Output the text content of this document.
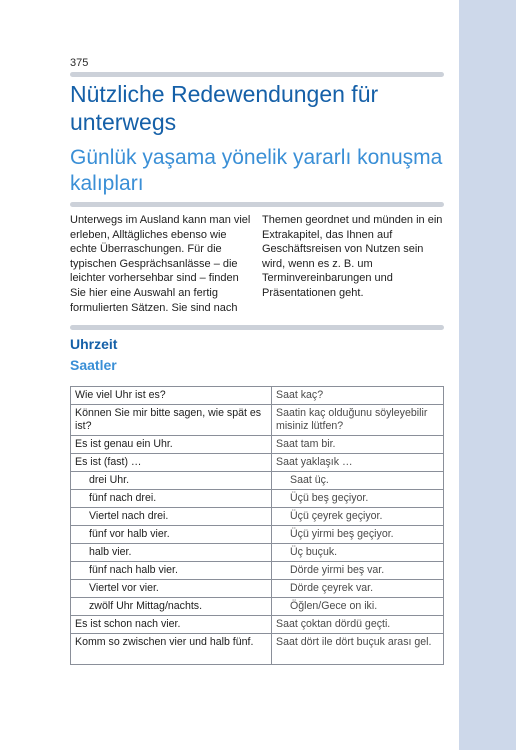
375
Nützliche Redewendungen für unterwegs
Günlük yaşama yönelik yararlı konuşma kalıpları

Unterwegs im Ausland kann man viel erleben, Alltägliches ebenso wie echte Überraschungen. Für die typischen Gesprächsanlässe – die leichter vorhersehbar sind – finden Sie hier eine Auswahl an fertig formulierten Sätzen. Sie sind nach

Themen geordnet und münden in ein Extrakapitel, das Ihnen auf Geschäftsreisen von Nutzen sein wird, wenn es z. B. um Terminvereinbarungen und Präsentationen geht.

Uhrzeit
Saatler
Wie viel Uhr ist es?	Saat kaç?
Können Sie mir bitte sagen, wie spät es ist?	Saatin kaç olduğunu söyleyebilir misiniz lütfen?
Es ist genau ein Uhr.	Saat tam bir.
Es ist (fast) …	Saat yaklaşık …
drei Uhr.	Saat üç.
fünf nach drei.	Üçü beş geçiyor.
Viertel nach drei.	Üçü çeyrek geçiyor.
fünf vor halb vier.	Üçü yirmi beş geçiyor.
halb vier.	Üç buçuk.
fünf nach halb vier.	Dörde yirmi beş var.
Viertel vor vier.	Dörde çeyrek var.
zwölf Uhr Mittag/nachts.	Öğlen/Gece on iki.
Es ist schon nach vier.	Saat çoktan dördü geçti.
Komm so zwischen vier und halb fünf.	Saat dört ile dört buçuk arası gel.
